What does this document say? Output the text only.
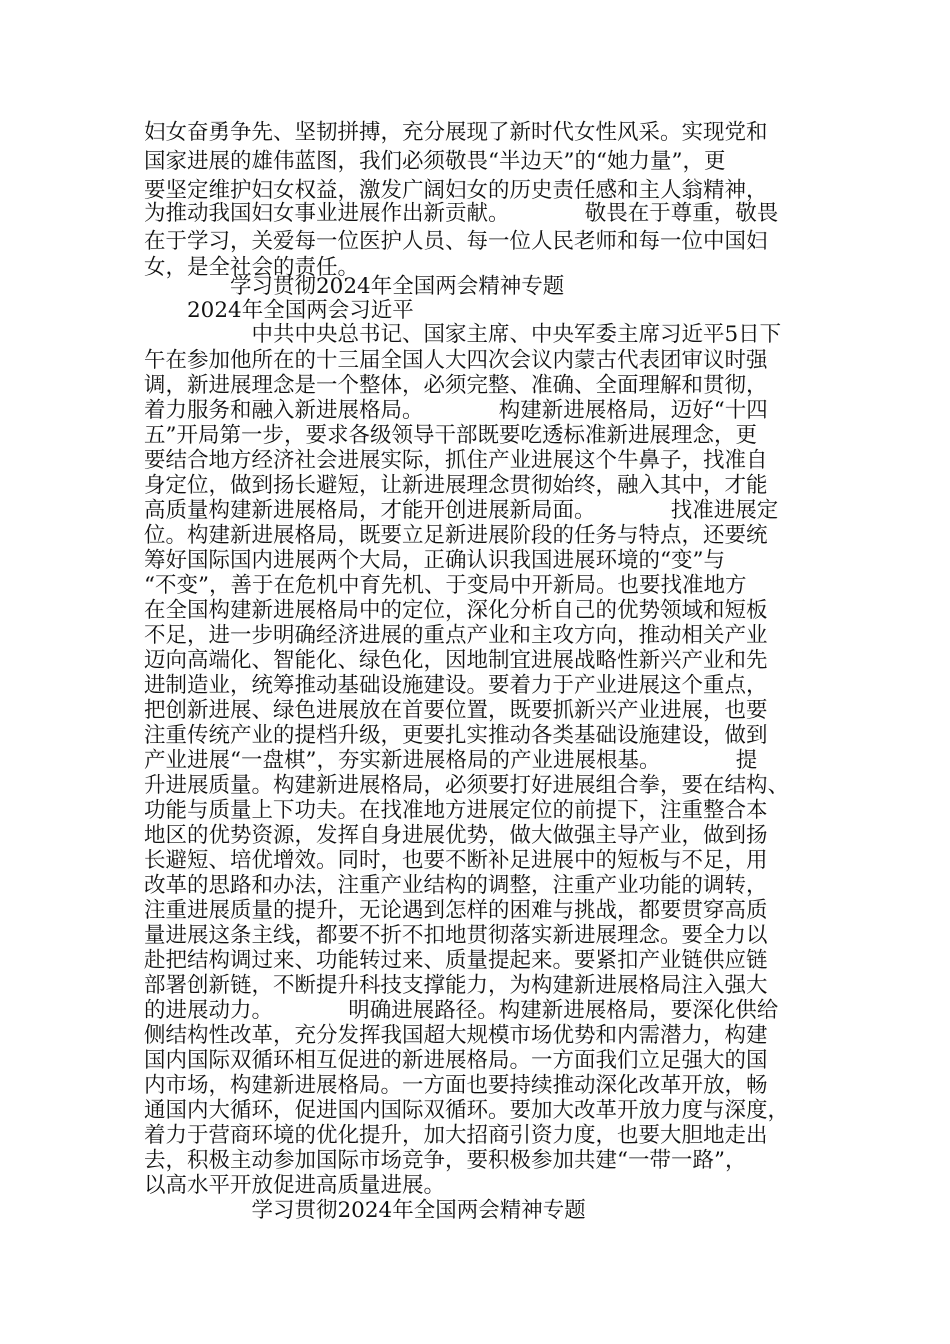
妇女奋勇争先、坚韧拼搏，充分展现了新时代女性风采。实现党和
国家进展的雄伟蓝图，我们必须敬畏“半边天”的“她力量”，更
要坚定维护妇女权益，激发广阔妇女的历史责任感和主人翁精神，
为推动我国妇女事业进展作出新贡献。　　　　敬畏在于尊重，敬畏
在于学习，关爱每一位医护人员、每一位人民老师和每一位中国妇
女，是全社会的责任。
　　　　学习贯彻2024年全国两会精神专题
　　2024年全国两会习近平
　　　　　中共中央总书记、国家主席、中央军委主席习近平5日下
午在参加他所在的十三届全国人大四次会议内蒙古代表团审议时强
调，新进展理念是一个整体，必须完整、准确、全面理解和贯彻，
着力服务和融入新进展格局。　　　　构建新进展格局，迈好“十四
五”开局第一步，要求各级领导干部既要吃透标准新进展理念，更
要结合地方经济社会进展实际，抓住产业进展这个牛鼻子，找准自
身定位，做到扬长避短，让新进展理念贯彻始终，融入其中，才能
高质量构建新进展格局，才能开创进展新局面。　　　　找准进展定
位。构建新进展格局，既要立足新进展阶段的任务与特点，还要统
筹好国际国内进展两个大局，正确认识我国进展环境的“变”与
“不变”，善于在危机中育先机、于变局中开新局。也要找准地方
在全国构建新进展格局中的定位，深化分析自己的优势领域和短板
不足，进一步明确经济进展的重点产业和主攻方向，推动相关产业
迈向高端化、智能化、绿色化，因地制宜进展战略性新兴产业和先
进制造业，统筹推动基础设施建设。要着力于产业进展这个重点，
把创新进展、绿色进展放在首要位置，既要抓新兴产业进展，也要
注重传统产业的提档升级，更要扎实推动各类基础设施建设，做到
产业进展“一盘棋”，夯实新进展格局的产业进展根基。　　　　提
升进展质量。构建新进展格局，必须要打好进展组合拳，要在结构、
功能与质量上下功夫。在找准地方进展定位的前提下，注重整合本
地区的优势资源，发挥自身进展优势，做大做强主导产业，做到扬
长避短、培优增效。同时，也要不断补足进展中的短板与不足，用
改革的思路和办法，注重产业结构的调整，注重产业功能的调转，
注重进展质量的提升，无论遇到怎样的困难与挑战，都要贯穿高质
量进展这条主线，都要不折不扣地贯彻落实新进展理念。要全力以
赴把结构调过来、功能转过来、质量提起来。要紧扣产业链供应链
部署创新链，不断提升科技支撑能力，为构建新进展格局注入强大
的进展动力。　　　　明确进展路径。构建新进展格局，要深化供给
侧结构性改革，充分发挥我国超大规模市场优势和内需潜力，构建
国内国际双循环相互促进的新进展格局。一方面我们立足强大的国
内市场，构建新进展格局。一方面也要持续推动深化改革开放，畅
通国内大循环，促进国内国际双循环。要加大改革开放力度与深度，
着力于营商环境的优化提升，加大招商引资力度，也要大胆地走出
去，积极主动参加国际市场竞争，要积极参加共建“一带一路”，
以高水平开放促进高质量进展。
　　　　　学习贯彻2024年全国两会精神专题
